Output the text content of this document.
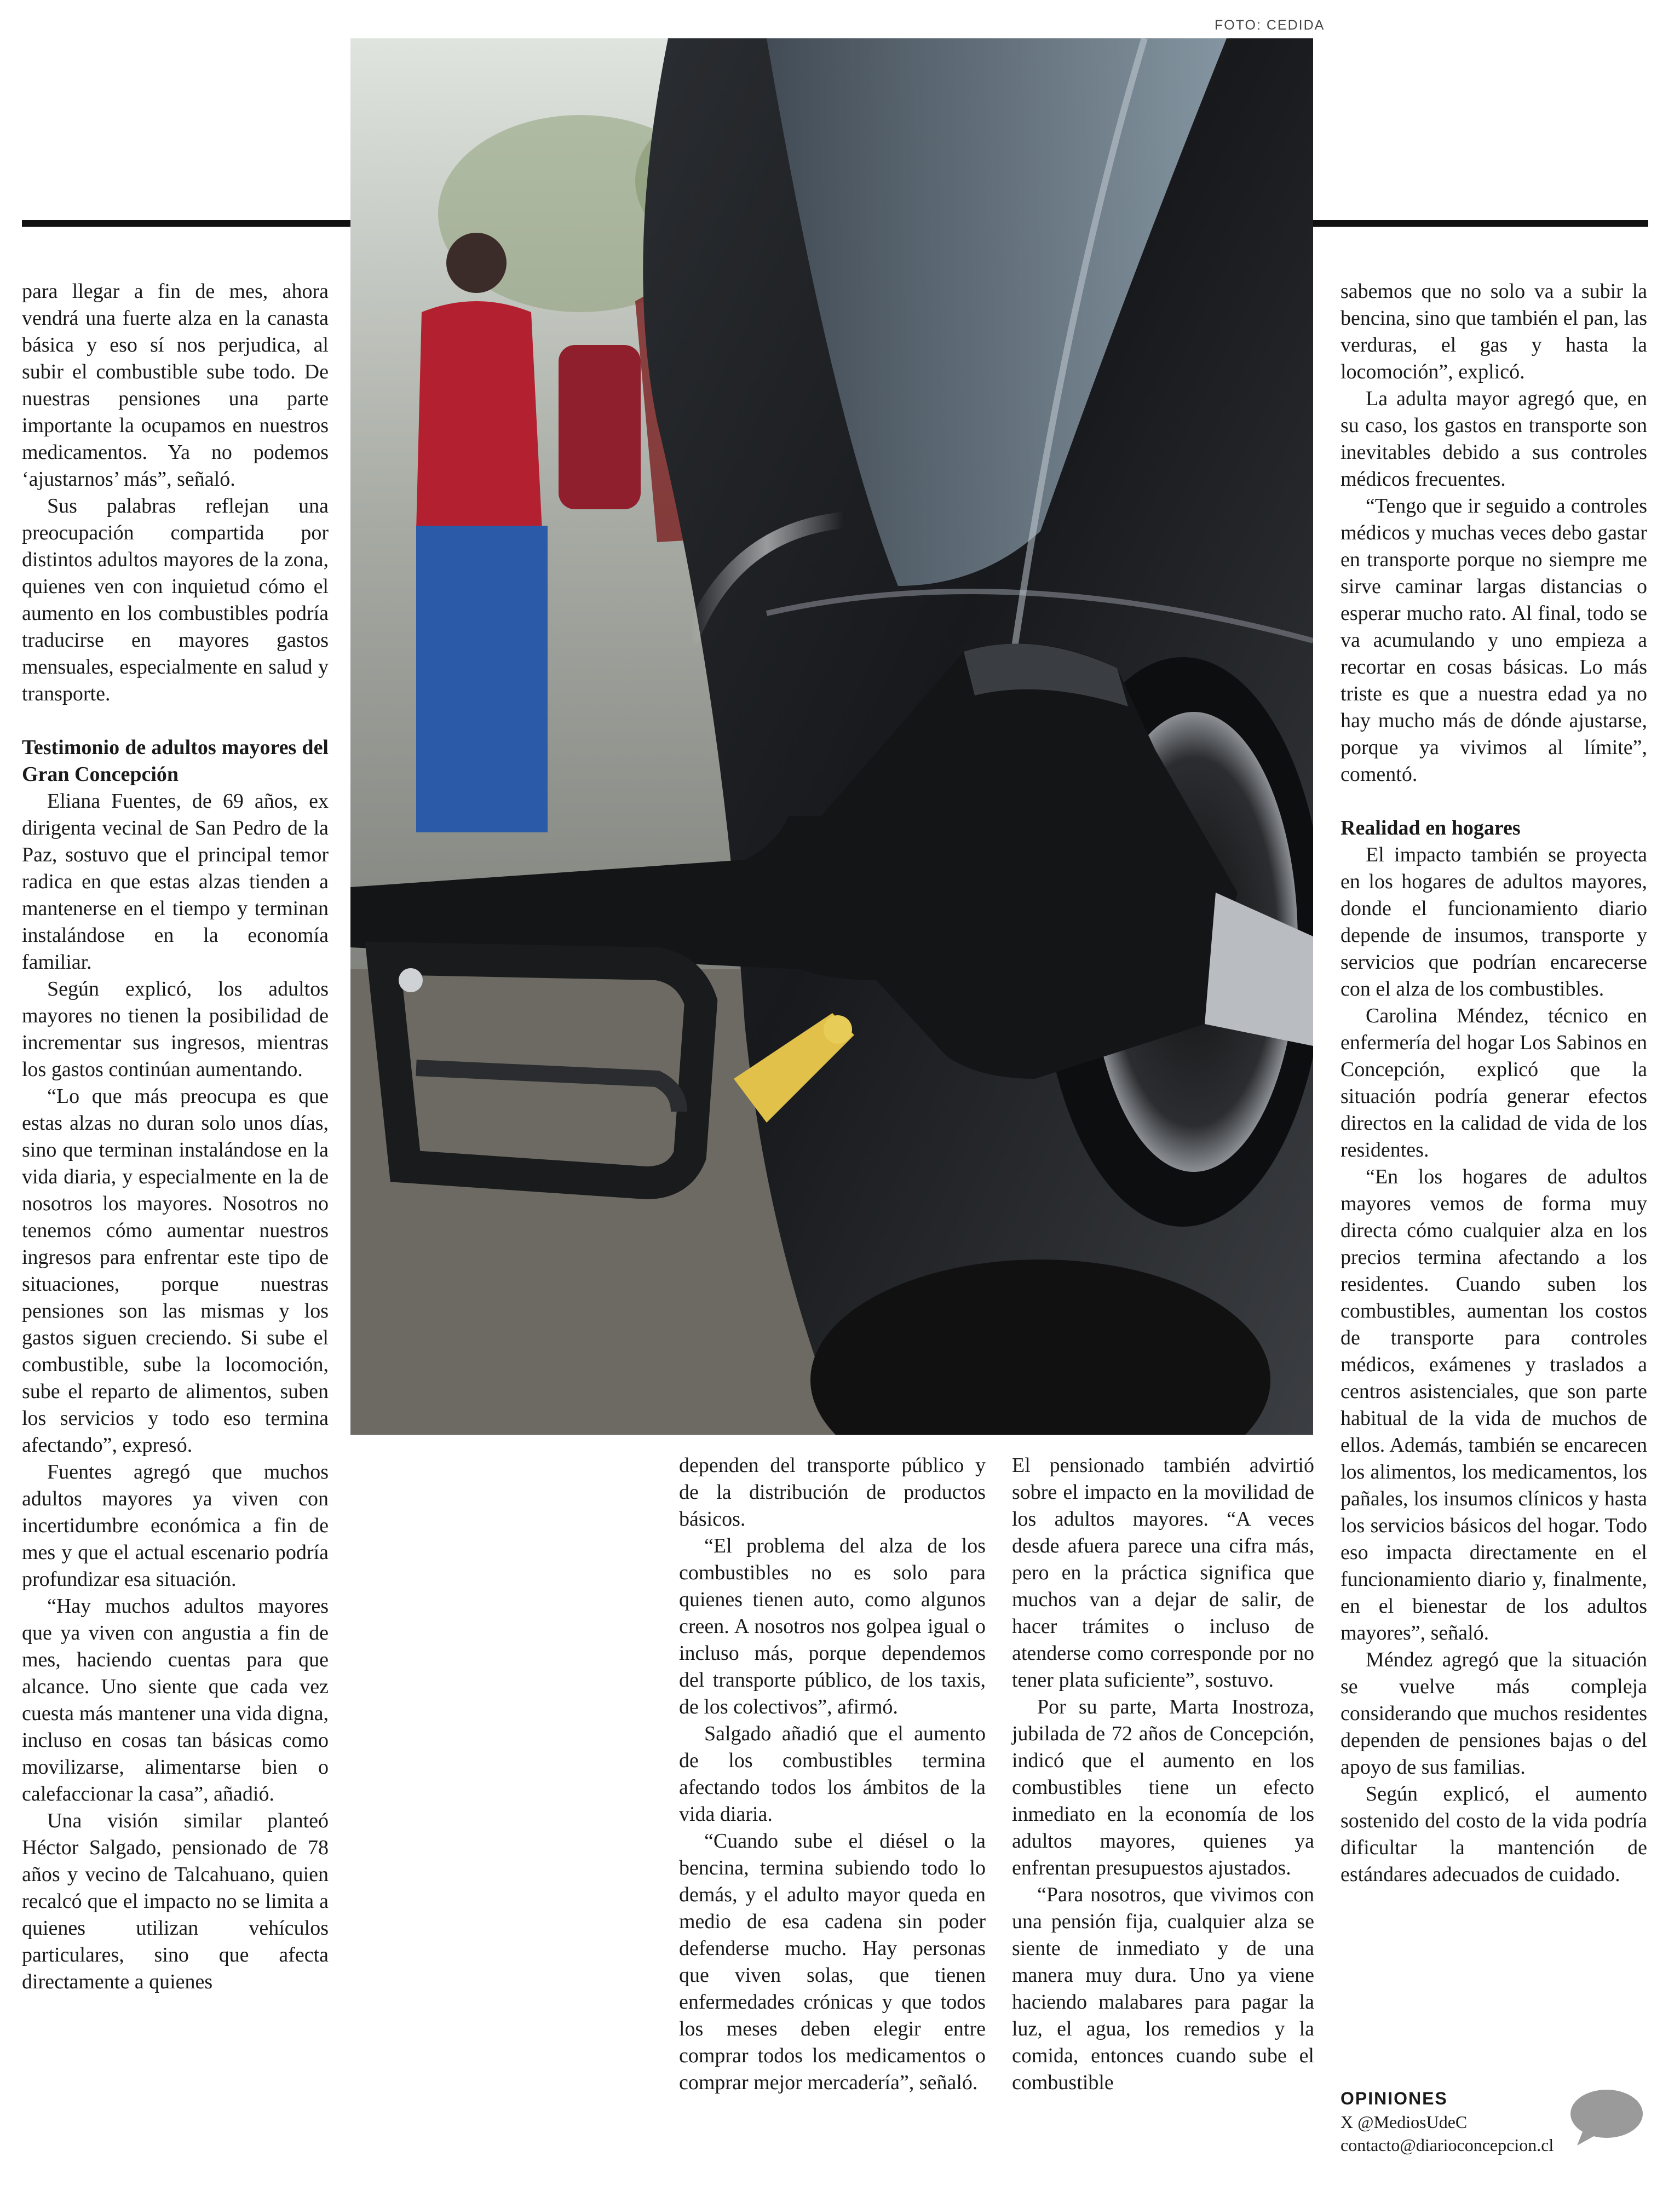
FOTO: CEDIDA

para llegar a fin de mes, ahora vendrá una fuerte alza en la canasta básica y eso sí nos perjudica, al subir el combustible sube todo. De nuestras pensiones una parte importante la ocupamos en nuestros medicamentos. Ya no podemos ‘ajustarnos’ más”, señaló.

Sus palabras reflejan una preocupación compartida por distintos adultos mayores de la zona, quienes ven con inquietud cómo el aumento en los combustibles podría traducirse en mayores gastos mensuales, especialmente en salud y transporte.

Testimonio de adultos mayores del Gran Concepción

Eliana Fuentes, de 69 años, ex dirigenta vecinal de San Pedro de la Paz, sostuvo que el principal temor radica en que estas alzas tienden a mantenerse en el tiempo y terminan instalándose en la economía familiar.

Según explicó, los adultos mayores no tienen la posibilidad de incrementar sus ingresos, mientras los gastos continúan aumentando.

“Lo que más preocupa es que estas alzas no duran solo unos días, sino que terminan instalándose en la vida diaria, y especialmente en la de nosotros los mayores. Nosotros no tenemos cómo aumentar nuestros ingresos para enfrentar este tipo de situaciones, porque nuestras pensiones son las mismas y los gastos siguen creciendo. Si sube el combustible, sube la locomoción, sube el reparto de alimentos, suben los servicios y todo eso termina afectando”, expresó.

Fuentes agregó que muchos adultos mayores ya viven con incertidumbre económica a fin de mes y que el actual escenario podría profundizar esa situación.

“Hay muchos adultos mayores que ya viven con angustia a fin de mes, haciendo cuentas para que alcance. Uno siente que cada vez cuesta más mantener una vida digna, incluso en cosas tan básicas como movilizarse, alimentarse bien o calefaccionar la casa”, añadió.

Una visión similar planteó Héctor Salgado, pensionado de 78 años y vecino de Talcahuano, quien recalcó que el impacto no se limita a quienes utilizan vehículos particulares, sino que afecta directamente a quienes

dependen del transporte público y de la distribución de productos básicos.

“El problema del alza de los combustibles no es solo para quienes tienen auto, como algunos creen. A nosotros nos golpea igual o incluso más, porque dependemos del transporte público, de los taxis, de los colectivos”, afirmó.

Salgado añadió que el aumento de los combustibles termina afectando todos los ámbitos de la vida diaria.

“Cuando sube el diésel o la bencina, termina subiendo todo lo demás, y el adulto mayor queda en medio de esa cadena sin poder defenderse mucho. Hay personas que viven solas, que tienen enfermedades crónicas y que todos los meses deben elegir entre comprar todos los medicamentos o comprar mejor mercadería”, señaló.

El pensionado también advirtió sobre el impacto en la movilidad de los adultos mayores. “A veces desde afuera parece una cifra más, pero en la práctica significa que muchos van a dejar de salir, de hacer trámites o incluso de atenderse como corresponde por no tener plata suficiente”, sostuvo.

Por su parte, Marta Inostroza, jubilada de 72 años de Concepción, indicó que el aumento en los combustibles tiene un efecto inmediato en la economía de los adultos mayores, quienes ya enfrentan presupuestos ajustados.

“Para nosotros, que vivimos con una pensión fija, cualquier alza se siente de inmediato y de una manera muy dura. Uno ya viene haciendo malabares para pagar la luz, el agua, los remedios y la comida, entonces cuando sube el combustible

sabemos que no solo va a subir la bencina, sino que también el pan, las verduras, el gas y hasta la locomoción”, explicó.

La adulta mayor agregó que, en su caso, los gastos en transporte son inevitables debido a sus controles médicos frecuentes.

“Tengo que ir seguido a controles médicos y muchas veces debo gastar en transporte porque no siempre me sirve caminar largas distancias o esperar mucho rato. Al final, todo se va acumulando y uno empieza a recortar en cosas básicas. Lo más triste es que a nuestra edad ya no hay mucho más de dónde ajustarse, porque ya vivimos al límite”, comentó.

Realidad en hogares

El impacto también se proyecta en los hogares de adultos mayores, donde el funcionamiento diario depende de insumos, transporte y servicios que podrían encarecerse con el alza de los combustibles.

Carolina Méndez, técnico en enfermería del hogar Los Sabinos en Concepción, explicó que la situación podría generar efectos directos en la calidad de vida de los residentes.

“En los hogares de adultos mayores vemos de forma muy directa cómo cualquier alza en los precios termina afectando a los residentes. Cuando suben los combustibles, aumentan los costos de transporte para controles médicos, exámenes y traslados a centros asistenciales, que son parte habitual de la vida de muchos de ellos. Además, también se encarecen los alimentos, los medicamentos, los pañales, los insumos clínicos y hasta los servicios básicos del hogar. Todo eso impacta directamente en el funcionamiento diario y, finalmente, en el bienestar de los adultos mayores”, señaló.

Méndez agregó que la situación se vuelve más compleja considerando que muchos residentes dependen de pensiones bajas o del apoyo de sus familias.

Según explicó, el aumento sostenido del costo de la vida podría dificultar la mantención de estándares adecuados de cuidado.

OPINIONES
X @MediosUdeC
contacto@diarioconcepcion.cl
